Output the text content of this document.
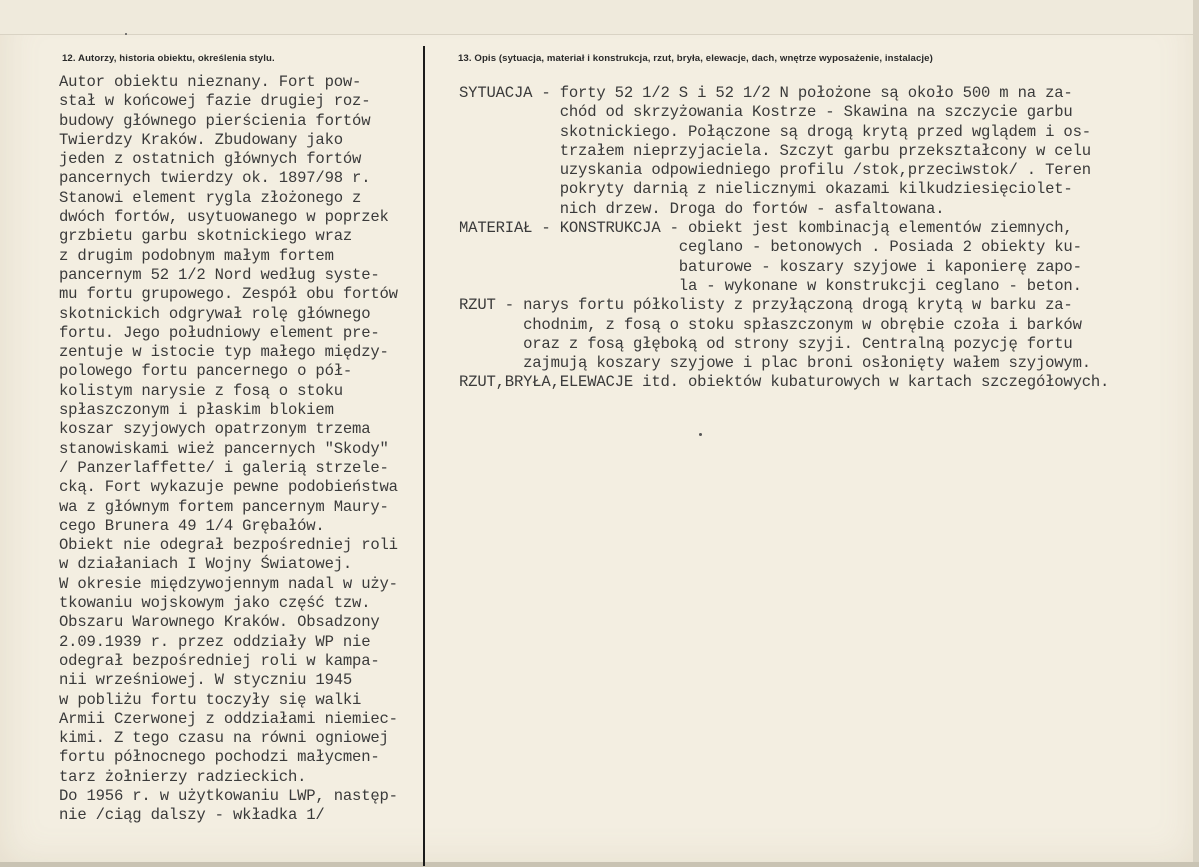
12. Autorzy, historia obiektu, określenia stylu.	13. Opis (sytuacja, materiał i konstrukcja, rzut, bryła, elewacje, dach, wnętrze wyposażenie, instalacje)
Autor obiektu nieznany. Fort pow-
stał w końcowej fazie drugiej roz-
budowy głównego pierścienia fortów
Twierdzy Kraków. Zbudowany jako
jeden z ostatnich głównych fortów
pancernych twierdzy ok. 1897/98 r.
Stanowi element rygla złożonego z
dwóch fortów, usytuowanego w poprzek
grzbietu garbu skotnickiego wraz
z drugim podobnym małym fortem
pancernym 52 1/2 Nord według syste-
mu fortu grupowego. Zespół obu fortów
skotnickich odgrywał rolę głównego
fortu. Jego południowy element pre-
zentuje w istocie typ małego między-
polowego fortu pancernego o pół-
kolistym narysie z fosą o stoku
spłaszczonym i płaskim blokiem
koszar szyjowych opatrzonym trzema
stanowiskami wież pancernych "Skody"
/ Panzerlaffette/ i galerią strzele-
cką. Fort wykazuje pewne podobieństwa
wa z głównym fortem pancernym Maury-
cego Brunera 49 1/4 Grębałów.
Obiekt nie odegrał bezpośredniej roli
w działaniach I Wojny Światowej.
W okresie międzywojennym nadal w uży-
tkowaniu wojskowym jako część tzw.
Obszaru Warownego Kraków. Obsadzony
2.09.1939 r. przez oddziały WP nie
odegrał bezpośredniej roli w kampa-
nii wrześniowej. W styczniu 1945
w pobliżu fortu toczyły się walki
Armii Czerwonej z oddziałami niemiec-
kimi. Z tego czasu na równi ogniowej
fortu północnego pochodzi małycmen-
tarz żołnierzy radzieckich.
Do 1956 r. w użytkowaniu LWP, następ-
nie /ciąg dalszy - wkładka 1/
SYTUACJA - forty 52 1/2 S i 52 1/2 N położone są około 500 m na za-
chód od skrzyżowania Kostrze - Skawina na szczycie garbu
skotnickiego. Połączone są drogą krytą przed wglądem i os-
trzałem nieprzyjaciela. Szczyt garbu przekształcony w celu
uzyskania odpowiedniego profilu /stok,przeciwstok/ . Teren
pokryty darnią z nielicznymi okazami kilkudziesięciolet-
nich drzew. Droga do fortów - asfaltowana.
MATERIAŁ - KONSTRUKCJA - obiekt jest kombinacją elementów ziemnych,
ceglano - betonowych . Posiada 2 obiekty ku-
baturowe - koszary szyjowe i kaponierę zapo-
la - wykonane w konstrukcji ceglano - beton.
RZUT - narys fortu półkolisty z przyłączoną drogą krytą w barku za-
chodnim, z fosą o stoku spłaszczonym w obrębie czoła i barków
oraz z fosą głęboką od strony szyji. Centralną pozycję fortu
zajmują koszary szyjowe i plac broni osłonięty wałem szyjowym.
RZUT,BRYŁA,ELEWACJE itd. obiektów kubaturowych w kartach szczegółowych.
